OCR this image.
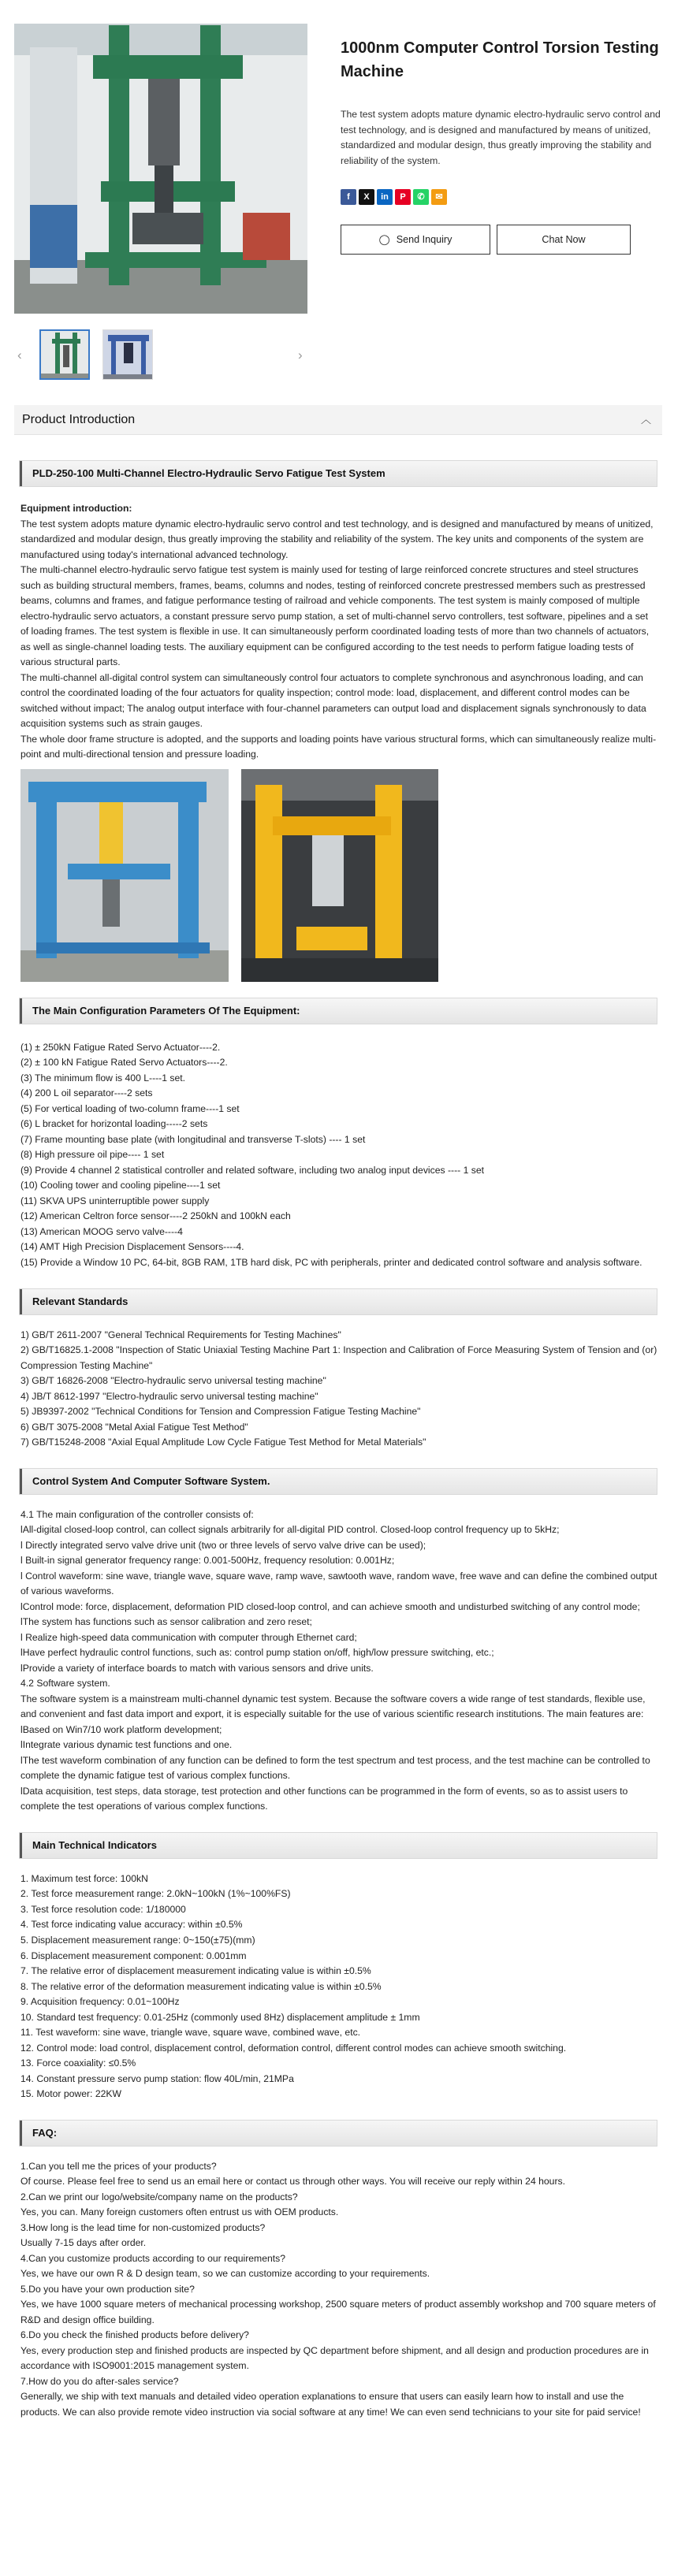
‹	›
1000nm Computer Control Torsion Testing Machine
The test system adopts mature dynamic electro-hydraulic servo control and test technology, and is designed and manufactured by means of unitized, standardized and modular design, thus greatly improving the stability and reliability of the system.
f X in P ✆ ✉
◯ Send Inquiry	Chat Now
Product Introduction	︿
PLD-250-100 Multi-Channel Electro-Hydraulic Servo Fatigue Test System

Equipment introduction:

The test system adopts mature dynamic electro-hydraulic servo control and test technology, and is designed and manufactured by means of unitized, standardized and modular design, thus greatly improving the stability and reliability of the system. The key units and components of the system are manufactured using today's international advanced technology.

The multi-channel electro-hydraulic servo fatigue test system is mainly used for testing of large reinforced concrete structures and steel structures such as building structural members, frames, beams, columns and nodes, testing of reinforced concrete prestressed members such as prestressed beams, columns and frames, and fatigue performance testing of railroad and vehicle components. The test system is mainly composed of multiple electro-hydraulic servo actuators, a constant pressure servo pump station, a set of multi-channel servo controllers, test software, pipelines and a set of loading frames. The test system is flexible in use. It can simultaneously perform coordinated loading tests of more than two channels of actuators, as well as single-channel loading tests. The auxiliary equipment can be configured according to the test needs to perform fatigue loading tests of various structural parts.

The multi-channel all-digital control system can simultaneously control four actuators to complete synchronous and asynchronous loading, and can control the coordinated loading of the four actuators for quality inspection; control mode: load, displacement, and different control modes can be switched without impact; The analog output interface with four-channel parameters can output load and displacement signals synchronously to data acquisition systems such as strain gauges.

The whole door frame structure is adopted, and the supports and loading points have various structural forms, which can simultaneously realize multi-point and multi-directional tension and pressure loading.

The Main Configuration Parameters Of The Equipment:

(1) ± 250kN Fatigue Rated Servo Actuator----2.

(2) ± 100 kN Fatigue Rated Servo Actuators----2.

(3) The minimum flow is 400 L----1 set.

(4) 200 L oil separator----2 sets

(5) For vertical loading of two-column frame----1 set

(6) L bracket for horizontal loading-----2 sets

(7) Frame mounting base plate (with longitudinal and transverse T-slots) ---- 1 set

(8) High pressure oil pipe---- 1 set

(9) Provide 4 channel 2 statistical controller and related software, including two analog input devices ---- 1 set

(10) Cooling tower and cooling pipeline----1 set

(11) SKVA UPS uninterruptible power supply

(12) American Celtron force sensor----2 250kN and 100kN each

(13) American MOOG servo valve----4

(14) AMT High Precision Displacement Sensors----4.

(15) Provide a Window 10 PC, 64-bit, 8GB RAM, 1TB hard disk, PC with peripherals, printer and dedicated control software and analysis software.

Relevant Standards

1) GB/T 2611-2007 "General Technical Requirements for Testing Machines"

2) GB/T16825.1-2008 "Inspection of Static Uniaxial Testing Machine Part 1: Inspection and Calibration of Force Measuring System of Tension and (or) Compression Testing Machine"

3) GB/T 16826-2008 "Electro-hydraulic servo universal testing machine"

4) JB/T 8612-1997 "Electro-hydraulic servo universal testing machine"

5) JB9397-2002 "Technical Conditions for Tension and Compression Fatigue Testing Machine"

6) GB/T 3075-2008 "Metal Axial Fatigue Test Method"

7) GB/T15248-2008 "Axial Equal Amplitude Low Cycle Fatigue Test Method for Metal Materials"

Control System And Computer Software System.

4.1 The main configuration of the controller consists of:

lAll-digital closed-loop control, can collect signals arbitrarily for all-digital PID control. Closed-loop control frequency up to 5kHz;

l Directly integrated servo valve drive unit (two or three levels of servo valve drive can be used);

l Built-in signal generator frequency range: 0.001-500Hz, frequency resolution: 0.001Hz;

l Control waveform: sine wave, triangle wave, square wave, ramp wave, sawtooth wave, random wave, free wave and can define the combined output of various waveforms.

lControl mode: force, displacement, deformation PID closed-loop control, and can achieve smooth and undisturbed switching of any control mode;

lThe system has functions such as sensor calibration and zero reset;

l Realize high-speed data communication with computer through Ethernet card;

lHave perfect hydraulic control functions, such as: control pump station on/off, high/low pressure switching, etc.;

lProvide a variety of interface boards to match with various sensors and drive units.

4.2 Software system.

The software system is a mainstream multi-channel dynamic test system. Because the software covers a wide range of test standards, flexible use, and convenient and fast data import and export, it is especially suitable for the use of various scientific research institutions. The main features are:

lBased on Win7/10 work platform development;

lIntegrate various dynamic test functions and one.

lThe test waveform combination of any function can be defined to form the test spectrum and test process, and the test machine can be controlled to complete the dynamic fatigue test of various complex functions.

lData acquisition, test steps, data storage, test protection and other functions can be programmed in the form of events, so as to assist users to complete the test operations of various complex functions.

Main Technical Indicators

1. Maximum test force: 100kN

2. Test force measurement range: 2.0kN~100kN (1%~100%FS)

3. Test force resolution code: 1/180000

4. Test force indicating value accuracy: within ±0.5%

5. Displacement measurement range: 0~150(±75)(mm)

6. Displacement measurement component: 0.001mm

7. The relative error of displacement measurement indicating value is within ±0.5%

8. The relative error of the deformation measurement indicating value is within ±0.5%

9. Acquisition frequency: 0.01~100Hz

10. Standard test frequency: 0.01-25Hz (commonly used 8Hz) displacement amplitude ± 1mm

11. Test waveform: sine wave, triangle wave, square wave, combined wave, etc.

12. Control mode: load control, displacement control, deformation control, different control modes can achieve smooth switching.

13. Force coaxiality: ≤0.5%

14. Constant pressure servo pump station: flow 40L/min, 21MPa

15. Motor power: 22KW

FAQ:

1.Can you tell me the prices of your products?

Of course. Please feel free to send us an email here or contact us through other ways. You will receive our reply within 24 hours.

2.Can we print our logo/website/company name on the products?

Yes, you can. Many foreign customers often entrust us with OEM products.

3.How long is the lead time for non-customized products?

Usually 7-15 days after order.

4.Can you customize products according to our requirements?

Yes, we have our own R & D design team, so we can customize according to your requirements.

5.Do you have your own production site?

Yes, we have 1000 square meters of mechanical processing workshop, 2500 square meters of product assembly workshop and 700 square meters of R&D and design office building.

6.Do you check the finished products before delivery?

Yes, every production step and finished products are inspected by QC department before shipment, and all design and production procedures are in accordance with ISO9001:2015 management system.

7.How do you do after-sales service?

Generally, we ship with text manuals and detailed video operation explanations to ensure that users can easily learn how to install and use the products. We can also provide remote video instruction via social software at any time! We can even send technicians to your site for paid service!
